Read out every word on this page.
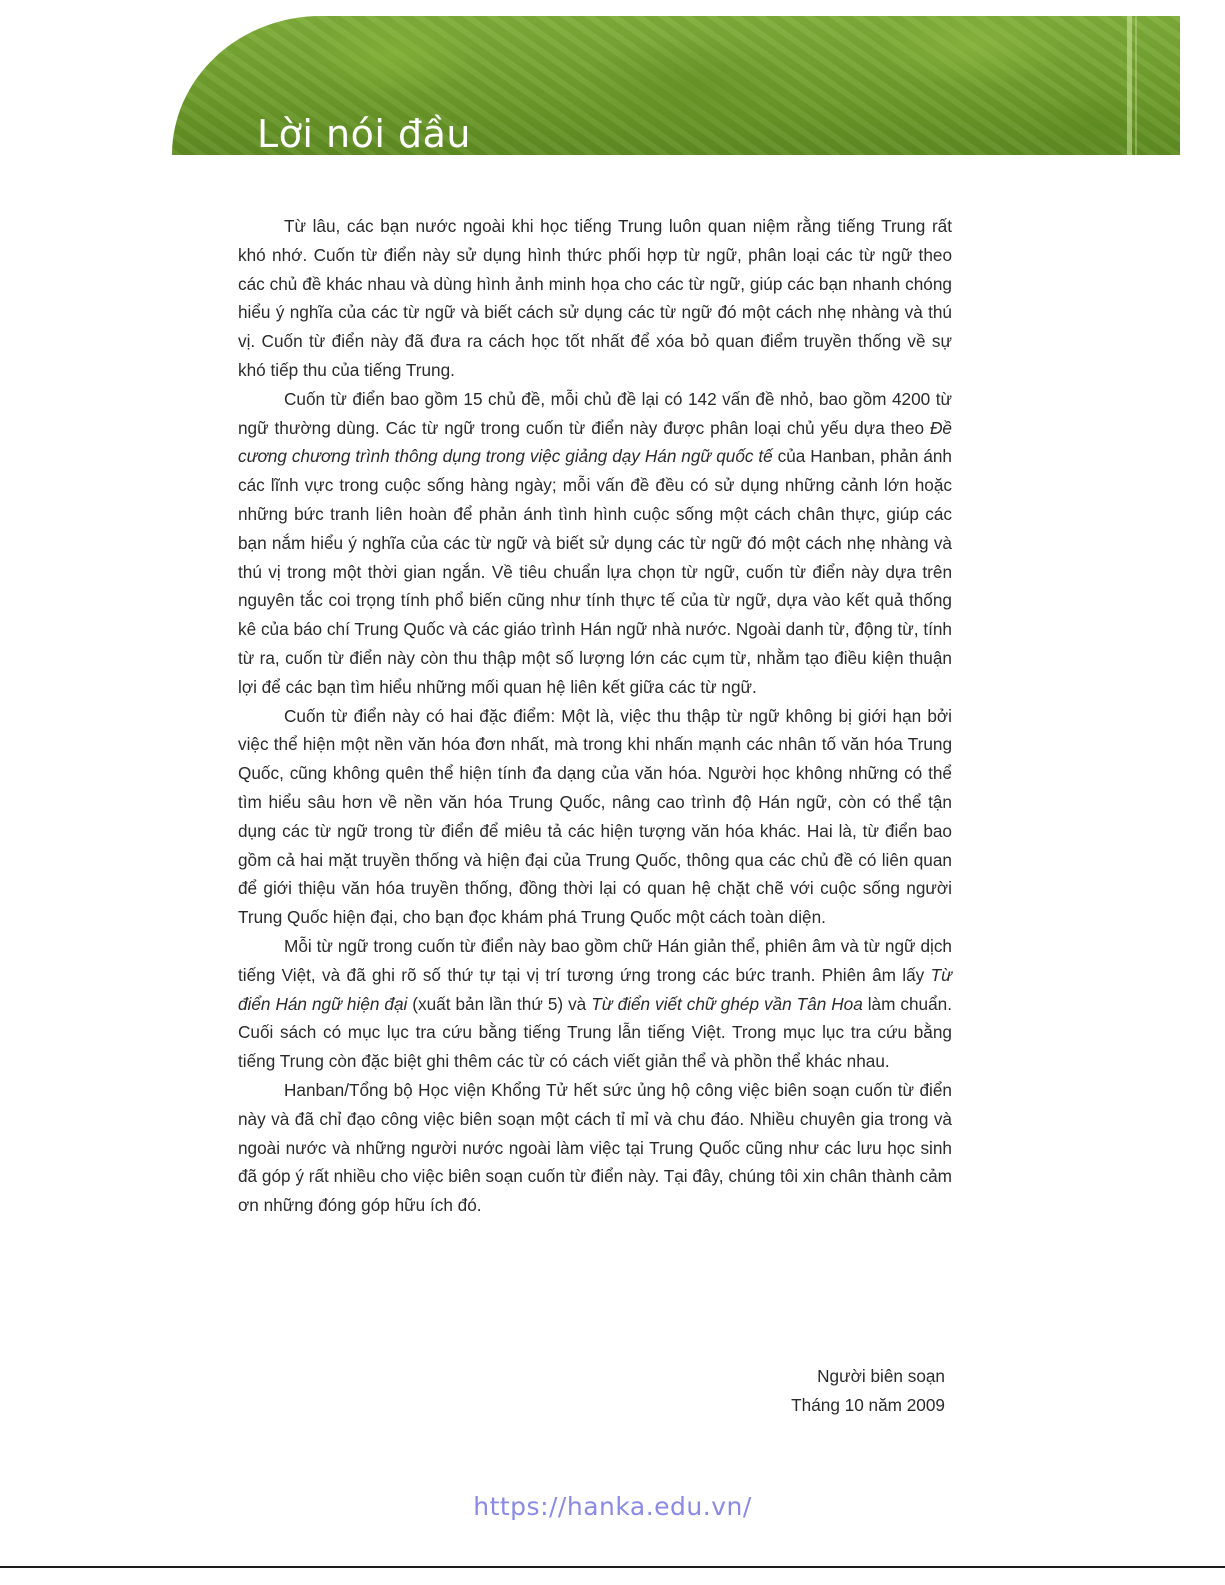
Lời nói đầu

Từ lâu, các bạn nước ngoài khi học tiếng Trung luôn quan niệm rằng tiếng Trung rất khó nhớ. Cuốn từ điển này sử dụng hình thức phối hợp từ ngữ, phân loại các từ ngữ theo các chủ đề khác nhau và dùng hình ảnh minh họa cho các từ ngữ, giúp các bạn nhanh chóng hiểu ý nghĩa của các từ ngữ và biết cách sử dụng các từ ngữ đó một cách nhẹ nhàng và thú vị. Cuốn từ điển này đã đưa ra cách học tốt nhất để xóa bỏ quan điểm truyền thống về sự khó tiếp thu của tiếng Trung.

Cuốn từ điển bao gồm 15 chủ đề, mỗi chủ đề lại có 142 vấn đề nhỏ, bao gồm 4200 từ ngữ thường dùng. Các từ ngữ trong cuốn từ điển này được phân loại chủ yếu dựa theo Đề cương chương trình thông dụng trong việc giảng dạy Hán ngữ quốc tế của Hanban, phản ánh các lĩnh vực trong cuộc sống hàng ngày; mỗi vấn đề đều có sử dụng những cảnh lớn hoặc những bức tranh liên hoàn để phản ánh tình hình cuộc sống một cách chân thực, giúp các bạn nắm hiểu ý nghĩa của các từ ngữ và biết sử dụng các từ ngữ đó một cách nhẹ nhàng và thú vị trong một thời gian ngắn. Về tiêu chuẩn lựa chọn từ ngữ, cuốn từ điển này dựa trên nguyên tắc coi trọng tính phổ biến cũng như tính thực tế của từ ngữ, dựa vào kết quả thống kê của báo chí Trung Quốc và các giáo trình Hán ngữ nhà nước. Ngoài danh từ, động từ, tính từ ra, cuốn từ điển này còn thu thập một số lượng lớn các cụm từ, nhằm tạo điều kiện thuận lợi để các bạn tìm hiểu những mối quan hệ liên kết giữa các từ ngữ.

Cuốn từ điển này có hai đặc điểm: Một là, việc thu thập từ ngữ không bị giới hạn bởi việc thể hiện một nền văn hóa đơn nhất, mà trong khi nhấn mạnh các nhân tố văn hóa Trung Quốc, cũng không quên thể hiện tính đa dạng của văn hóa. Người học không những có thể tìm hiểu sâu hơn về nền văn hóa Trung Quốc, nâng cao trình độ Hán ngữ, còn có thể tận dụng các từ ngữ trong từ điển để miêu tả các hiện tượng văn hóa khác. Hai là, từ điển bao gồm cả hai mặt truyền thống và hiện đại của Trung Quốc, thông qua các chủ đề có liên quan để giới thiệu văn hóa truyền thống, đồng thời lại có quan hệ chặt chẽ với cuộc sống người Trung Quốc hiện đại, cho bạn đọc khám phá Trung Quốc một cách toàn diện.

Mỗi từ ngữ trong cuốn từ điển này bao gồm chữ Hán giản thể, phiên âm và từ ngữ dịch tiếng Việt, và đã ghi rõ số thứ tự tại vị trí tương ứng trong các bức tranh. Phiên âm lấy Từ điển Hán ngữ hiện đại (xuất bản lần thứ 5) và Từ điển viết chữ ghép vần Tân Hoa làm chuẩn. Cuối sách có mục lục tra cứu bằng tiếng Trung lẫn tiếng Việt. Trong mục lục tra cứu bằng tiếng Trung còn đặc biệt ghi thêm các từ có cách viết giản thể và phồn thể khác nhau.

Hanban/Tổng bộ Học viện Khổng Tử hết sức ủng hộ công việc biên soạn cuốn từ điển này và đã chỉ đạo công việc biên soạn một cách tỉ mỉ và chu đáo. Nhiều chuyên gia trong và ngoài nước và những người nước ngoài làm việc tại Trung Quốc cũng như các lưu học sinh đã góp ý rất nhiều cho việc biên soạn cuốn từ điển này. Tại đây, chúng tôi xin chân thành cảm ơn những đóng góp hữu ích đó.

Người biên soạn
Tháng 10 năm 2009
https://hanka.edu.vn/
